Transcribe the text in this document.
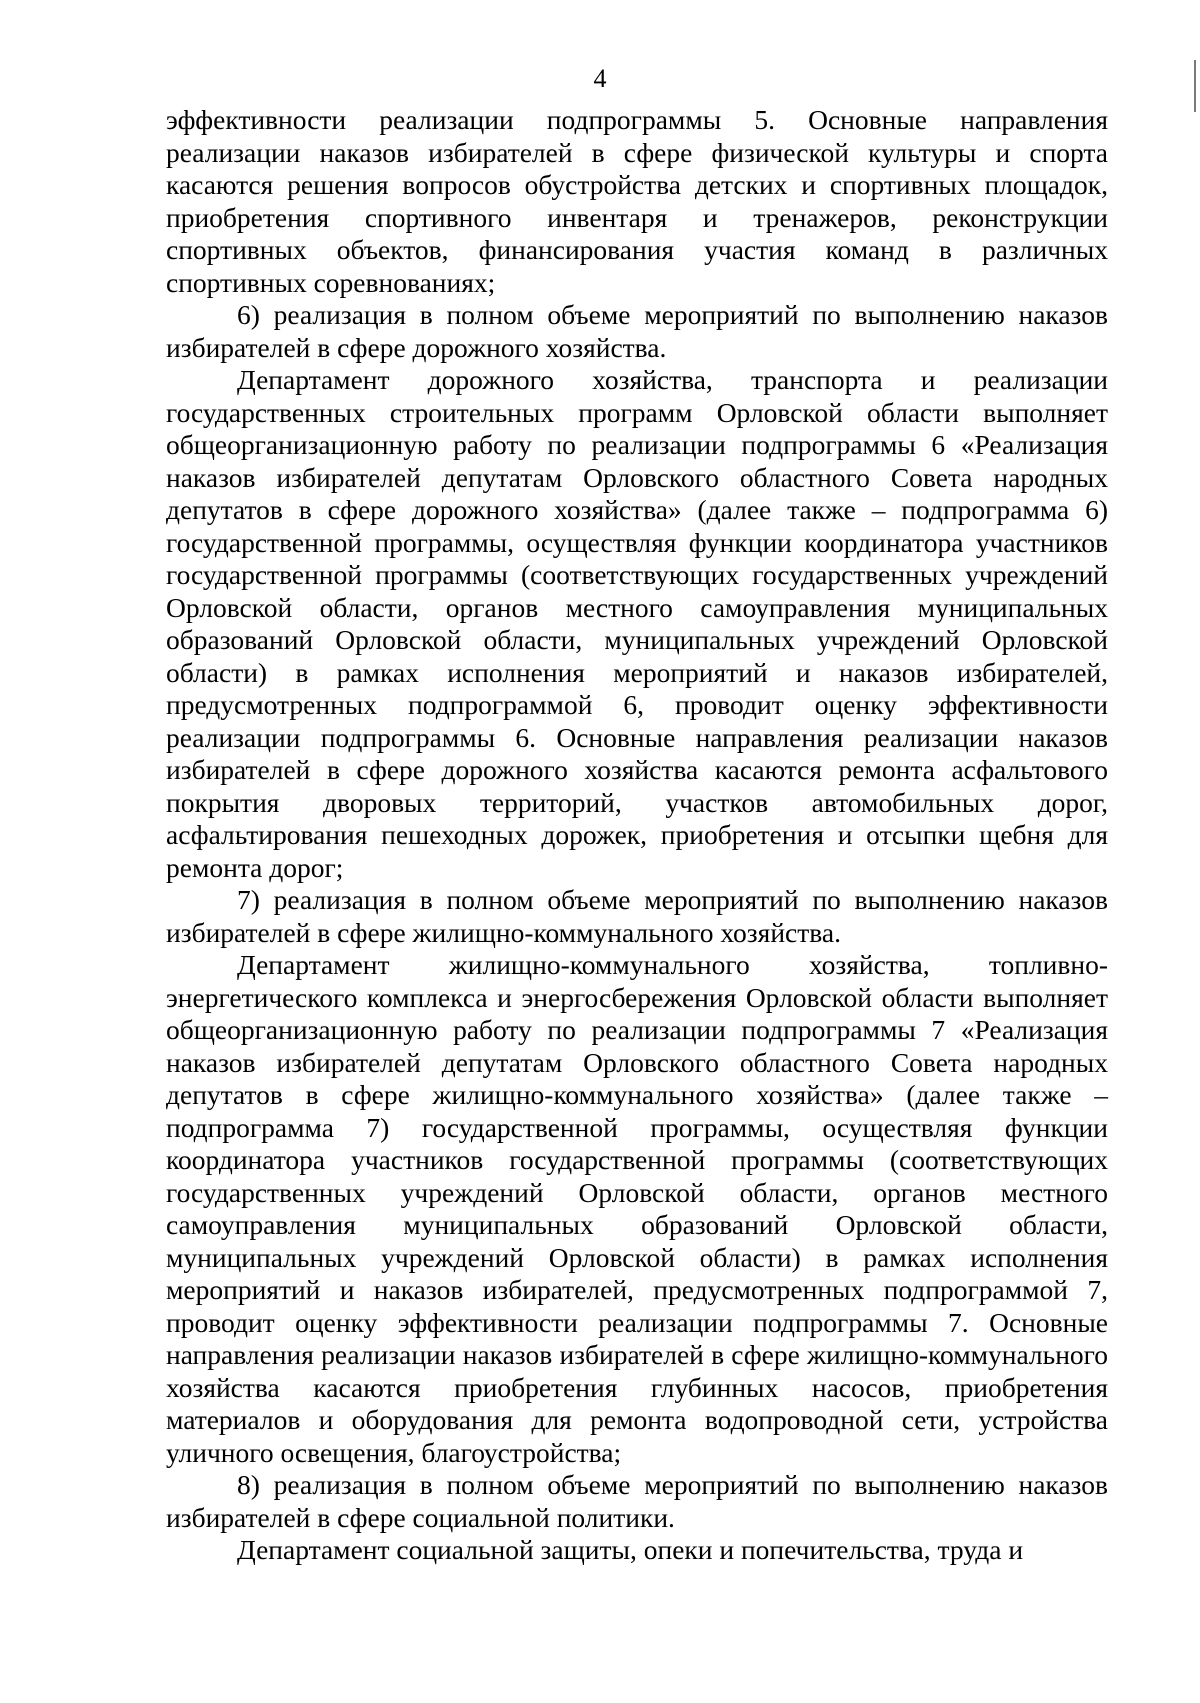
4

эффективности реализации подпрограммы 5. Основные направления реализации наказов избирателей в сфере физической культуры и спорта касаются решения вопросов обустройства детских и спортивных площадок, приобретения спортивного инвентаря и тренажеров, реконструкции спортивных объектов, финансирования участия команд в различных спортивных соревнованиях;

6) реализация в полном объеме мероприятий по выполнению наказов избирателей в сфере дорожного хозяйства.

Департамент дорожного хозяйства, транспорта и реализации государственных строительных программ Орловской области выполняет общеорганизационную работу по реализации подпрограммы 6 «Реализация наказов избирателей депутатам Орловского областного Совета народных депутатов в сфере дорожного хозяйства» (далее также – подпрограмма 6) государственной программы, осуществляя функции координатора участников государственной программы (соответствующих государственных учреждений Орловской области, органов местного самоуправления муниципальных образований Орловской области, муниципальных учреждений Орловской области) в рамках исполнения мероприятий и наказов избирателей, предусмотренных подпрограммой 6, проводит оценку эффективности реализации подпрограммы 6. Основные направления реализации наказов избирателей в сфере дорожного хозяйства касаются ремонта асфальтового покрытия дворовых территорий, участков автомобильных дорог, асфальтирования пешеходных дорожек, приобретения и отсыпки щебня для ремонта дорог;

7) реализация в полном объеме мероприятий по выполнению наказов избирателей в сфере жилищно-коммунального хозяйства.

Департамент жилищно-коммунального хозяйства, топливно-энергетического комплекса и энергосбережения Орловской области выполняет общеорганизационную работу по реализации подпрограммы 7 «Реализация наказов избирателей депутатам Орловского областного Совета народных депутатов в сфере жилищно-коммунального хозяйства» (далее также – подпрограмма 7) государственной программы, осуществляя функции координатора участников государственной программы (соответствующих государственных учреждений Орловской области, органов местного самоуправления муниципальных образований Орловской области, муниципальных учреждений Орловской области) в рамках исполнения мероприятий и наказов избирателей, предусмотренных подпрограммой 7, проводит оценку эффективности реализации подпрограммы 7. Основные направления реализации наказов избирателей в сфере жилищно-коммунального хозяйства касаются приобретения глубинных насосов, приобретения материалов и оборудования для ремонта водопроводной сети, устройства уличного освещения, благоустройства;

8) реализация в полном объеме мероприятий по выполнению наказов избирателей в сфере социальной политики.

Департамент социальной защиты, опеки и попечительства, труда и
